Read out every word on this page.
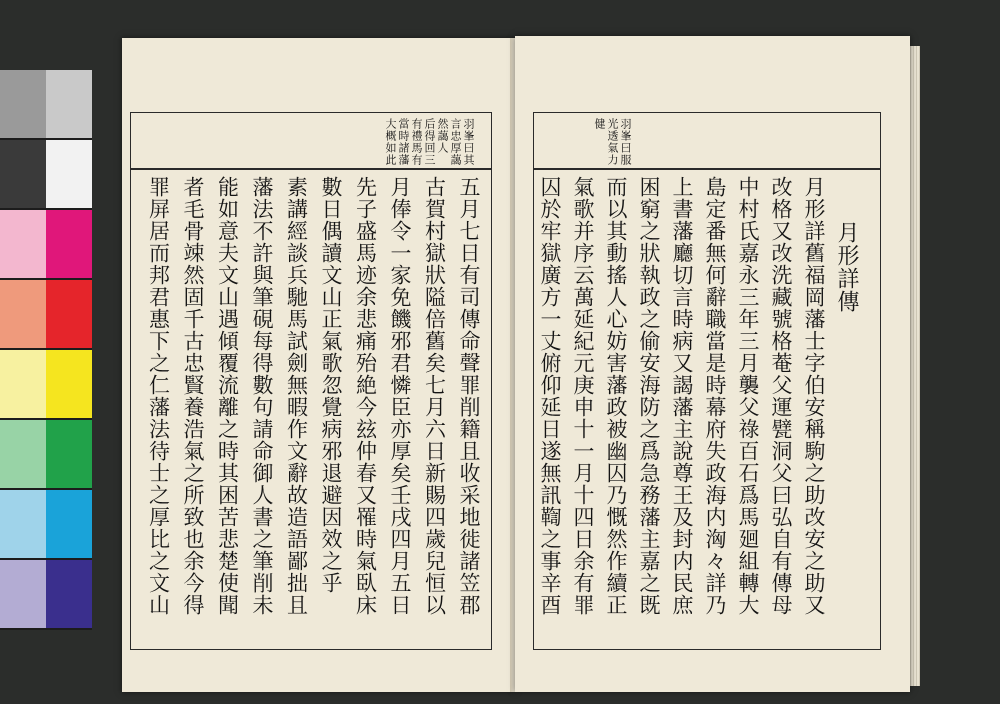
羽峯曰其
言忠厚藹
然藹人
后得回三
有禮馬有
當時諸藩
大概如此
五月七日有司傳命聲罪削籍且收采地徙諸笠郡
古賀村獄狀隘倍舊矣七月六日新賜四歲兒恒以
月俸令一家免饑邪君憐臣亦厚矣壬戌四月五日
先子盛馬迹余悲痛殆絶今玆仲春又罹時氣臥床
數日偶讀文山正氣歌忽覺病邪退避因效之乎
素講經談兵馳馬試劍無暇作文辭故造語鄙拙且
藩法不許與筆硯每得數句請命御人書之筆削未
能如意夫文山遇傾覆流離之時其困苦悲楚使聞
者毛骨竦然固千古忠賢養浩氣之所致也余今得
罪屏居而邦君惠下之仁藩法待士之厚比之文山
羽峯曰服
光透氣力
健
月形詳傳
月形詳舊福岡藩士字伯安稱駒之助改安之助又
改格又改洗藏號格菴父運甓洞父曰弘自有傳母
中村氏嘉永三年三月襲父祿百石爲馬廻組轉大
島定番無何辭職當是時幕府失政海内洶々詳乃
上書藩廳切言時病又謁藩主說尊王及封内民庶
困窮之狀執政之偷安海防之爲急務藩主嘉之既
而以其動搖人心妨害藩政被幽囚乃慨然作續正
氣歌并序云萬延紀元庚申十一月十四日余有罪
囚於牢獄廣方一丈俯仰延日遂無訊鞫之事辛酉
